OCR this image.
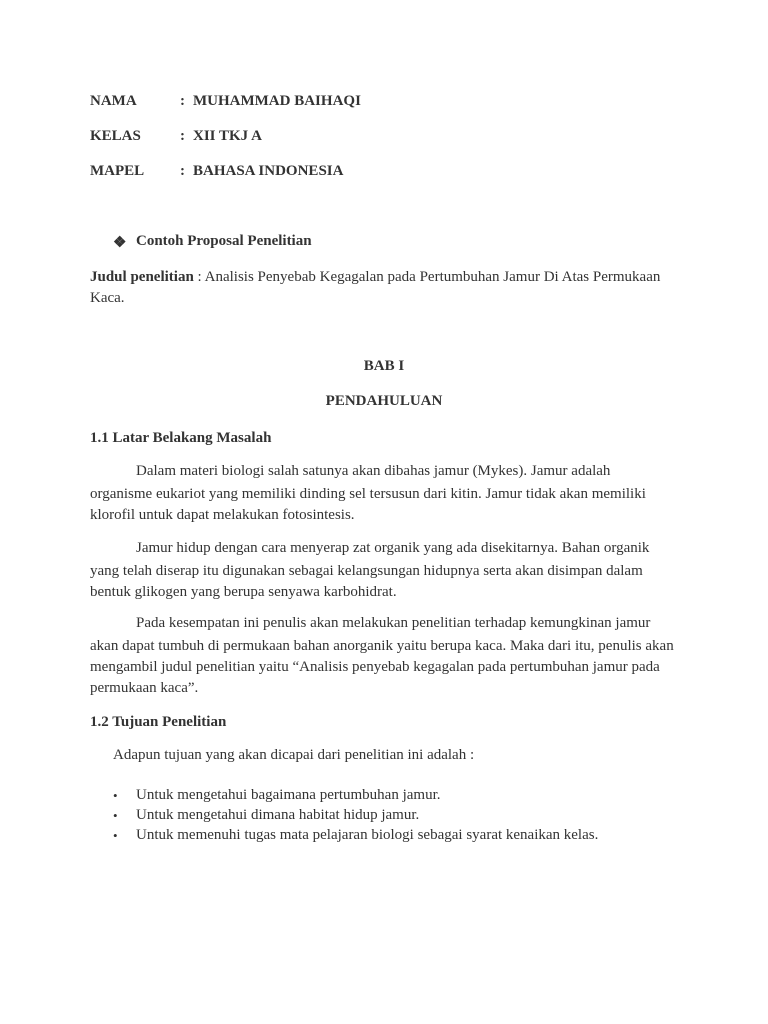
NAMA	: MUHAMMAD BAIHAQI
KELAS	: XII TKJ A
MAPEL : BAHASA INDONESIA
❖ Contoh Proposal Penelitian
Judul penelitian : Analisis Penyebab Kegagalan pada Pertumbuhan Jamur Di Atas Permukaan
Kaca.
BAB I
PENDAHULUAN
1.1 Latar Belakang Masalah
Dalam materi biologi salah satunya akan dibahas jamur (Mykes). Jamur adalah
organisme eukariot yang memiliki dinding sel tersusun dari kitin. Jamur tidak akan memiliki
klorofil untuk dapat melakukan fotosintesis.
Jamur hidup dengan cara menyerap zat organik yang ada disekitarnya. Bahan organik
yang telah diserap itu digunakan sebagai kelangsungan hidupnya serta akan disimpan dalam
bentuk glikogen yang berupa senyawa karbohidrat.
Pada kesempatan ini penulis akan melakukan penelitian terhadap kemungkinan jamur
akan dapat tumbuh di permukaan bahan anorganik yaitu berupa kaca. Maka dari itu, penulis akan
mengambil judul penelitian yaitu “Analisis penyebab kegagalan pada pertumbuhan jamur pada
permukaan kaca”.
1.2 Tujuan Penelitian
Adapun tujuan yang akan dicapai dari penelitian ini adalah :
• Untuk mengetahui bagaimana pertumbuhan jamur.
• Untuk mengetahui dimana habitat hidup jamur.
• Untuk memenuhi tugas mata pelajaran biologi sebagai syarat kenaikan kelas.
